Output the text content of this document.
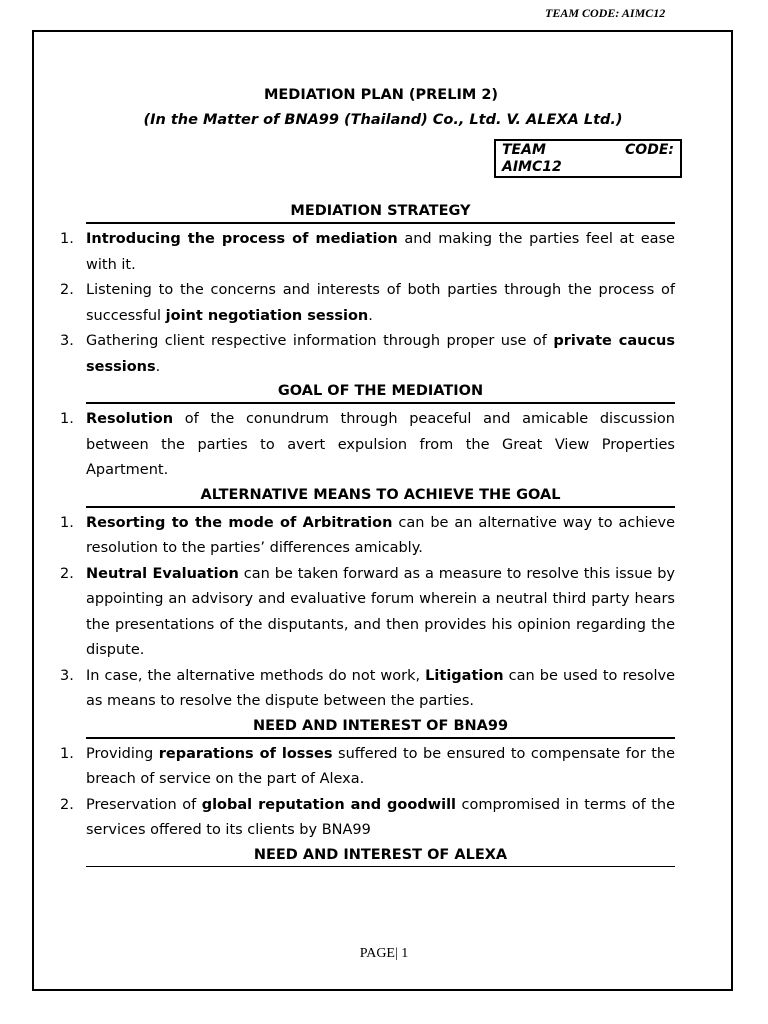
TEAM CODE: AIMC12
MEDIATION PLAN (PRELIM 2)
(In the Matter of BNA99 (Thailand) Co., Ltd. V. ALEXA Ltd.)
TEAM	CODE:
AIMC12
MEDIATION STRATEGY
1. Introducing the process of mediation and making the parties feel at ease with it.
2. Listening to the concerns and interests of both parties through the process of successful joint negotiation session.
3. Gathering client respective information through proper use of private caucus sessions.
GOAL OF THE MEDIATION
1. Resolution of the conundrum through peaceful and amicable discussion between the parties to avert expulsion from the Great View Properties Apartment.
ALTERNATIVE MEANS TO ACHIEVE THE GOAL
1. Resorting to the mode of Arbitration can be an alternative way to achieve resolution to the parties’ differences amicably.
2. Neutral Evaluation can be taken forward as a measure to resolve this issue by appointing an advisory and evaluative forum wherein a neutral third party hears the presentations of the disputants, and then provides his opinion regarding the dispute.
3. In case, the alternative methods do not work, Litigation can be used to resolve as means to resolve the dispute between the parties.
NEED AND INTEREST OF BNA99
1. Providing reparations of losses suffered to be ensured to compensate for the breach of service on the part of Alexa.
2. Preservation of global reputation and goodwill compromised in terms of the services offered to its clients by BNA99
NEED AND INTEREST OF ALEXA
PAGE| 1
